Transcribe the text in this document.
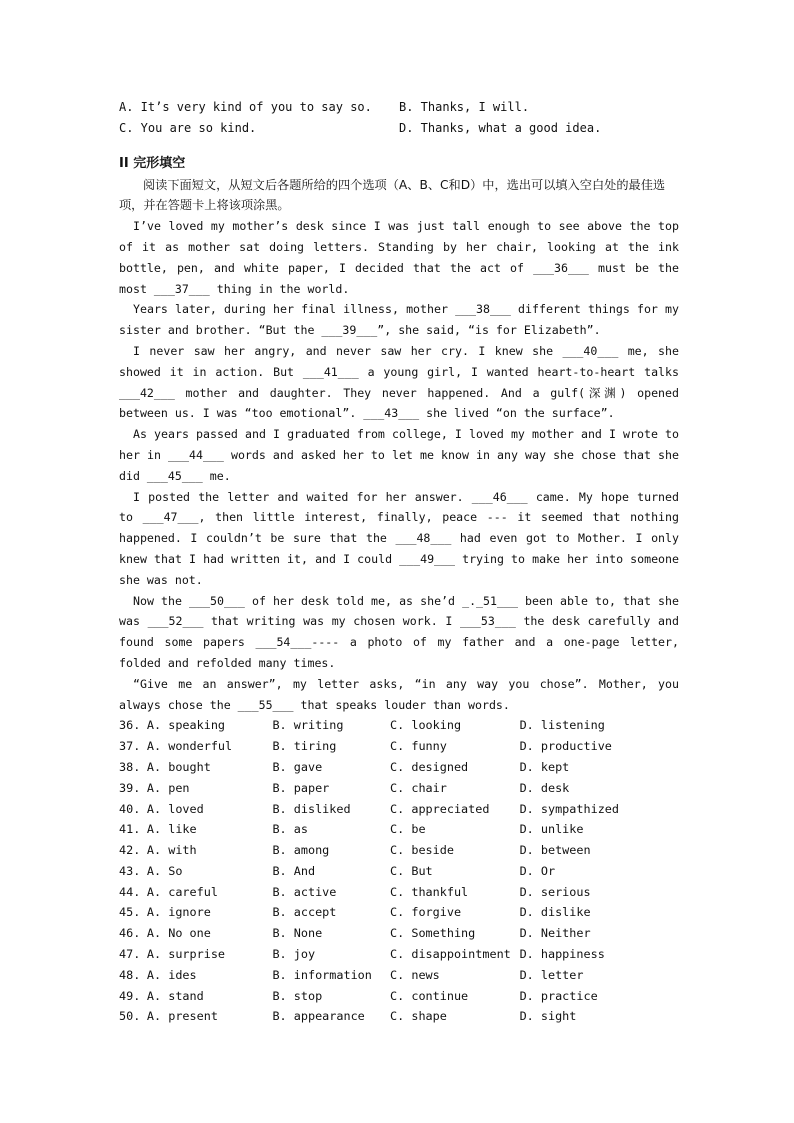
A. It’s very kind of you to say so.	B. Thanks, I will.
C. You are so kind.	D. Thanks, what a good idea.
II 完形填空
阅读下面短文，从短文后各题所给的四个选项（A、B、C和D）中，选出可以填入空白处的最佳选项，并在答题卡上将该项涂黑。
I’ve loved my mother’s desk since I was just tall enough to see above the top of it as mother sat doing letters. Standing by her chair, looking at the ink bottle, pen, and white paper, I decided that the act of ___36___ must be the most ___37___ thing in the world.
Years later, during her final illness, mother ___38___ different things for my sister and brother. “But the ___39___”, she said, “is for Elizabeth”.
I never saw her angry, and never saw her cry. I knew she ___40___ me, she showed it in action. But ___41___ a young girl, I wanted heart-to-heart talks ___42___ mother and daughter. They never happened. And a gulf(深渊) opened between us. I was “too emotional”. ___43___ she lived “on the surface”.
As years passed and I graduated from college, I loved my mother and I wrote to her in ___44___ words and asked her to let me know in any way she chose that she did ___45___ me.
I posted the letter and waited for her answer. ___46___ came. My hope turned to ___47___, then little interest, finally, peace --- it seemed that nothing happened. I couldn’t be sure that the ___48___ had even got to Mother. I only knew that I had written it, and I could ___49___ trying to make her into someone she was not.
Now the ___50___ of her desk told me, as she’d _._51___ been able to, that she was ___52___ that writing was my chosen work. I ___53___ the desk carefully and found some papers ___54___---- a photo of my father and a one-page letter, folded and refolded many times.
“Give me an answer”, my letter asks, “in any way you chose”. Mother, you always chose the ___55___ that speaks louder than words.
36. A. speaking	B. writing	C. looking	D. listening
37. A. wonderful	B. tiring	C. funny	D. productive
38. A. bought	B. gave	C. designed	D. kept
39. A. pen	B. paper	C. chair	D. desk
40. A. loved	B. disliked	C. appreciated	D. sympathized
41. A. like	B. as	C. be	D. unlike
42. A. with	B. among	C. beside	D. between
43. A. So	B. And	C. But	D. Or
44. A. careful	B. active	C. thankful	D. serious
45. A. ignore	B. accept	C. forgive	D. dislike
46. A. No one	B. None	C. Something	D. Neither
47. A. surprise	B. joy	C. disappointment D. happiness
48. A. ides	B. information	C. news	D. letter
49. A. stand	B. stop	C. continue	D. practice
50. A. present	B. appearance	C. shape	D. sight
